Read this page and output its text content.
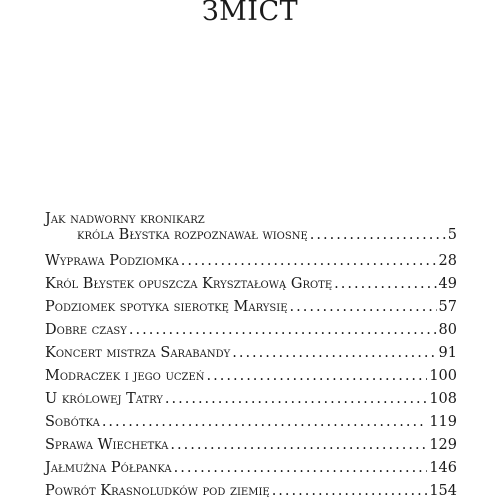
ЗМІСТ
Jak nadworny kronikarz
króla Błystka rozpoznawał wiosnę .....	5
Wyprawa Podziomka .....	28
Król Błystek opuszcza Kryształową Grotę .....	49
Podziomek spotyka sierotkę Marysię .....	57
Dobre czasy .....	80
Koncert mistrza Sarabandy .....	91
Modraczek i jego uczeń .....	100
U królowej Tatry .....	108
Sobótka .....	119
Sprawa Wiechetka .....	129
Jałmużna Półpanka .....	146
Powrót Krasnoludków pod ziemię .....	154
